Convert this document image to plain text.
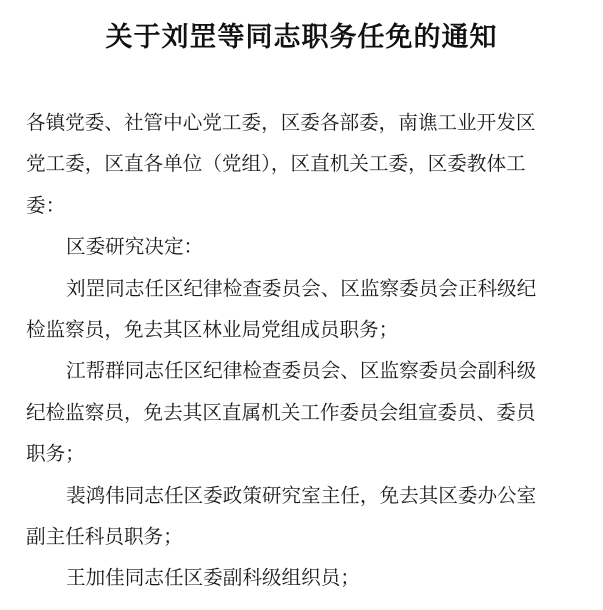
关于刘罡等同志职务任免的通知
各镇党委、社管中心党工委，区委各部委，南谯工业开发区
党工委，区直各单位（党组），区直机关工委，区委教体工
委：
区委研究决定：
刘罡同志任区纪律检查委员会、区监察委员会正科级纪
检监察员，免去其区林业局党组成员职务；
江帮群同志任区纪律检查委员会、区监察委员会副科级
纪检监察员，免去其区直属机关工作委员会组宣委员、委员
职务；
裴鸿伟同志任区委政策研究室主任，免去其区委办公室
副主任科员职务；
王加佳同志任区委副科级组织员；
